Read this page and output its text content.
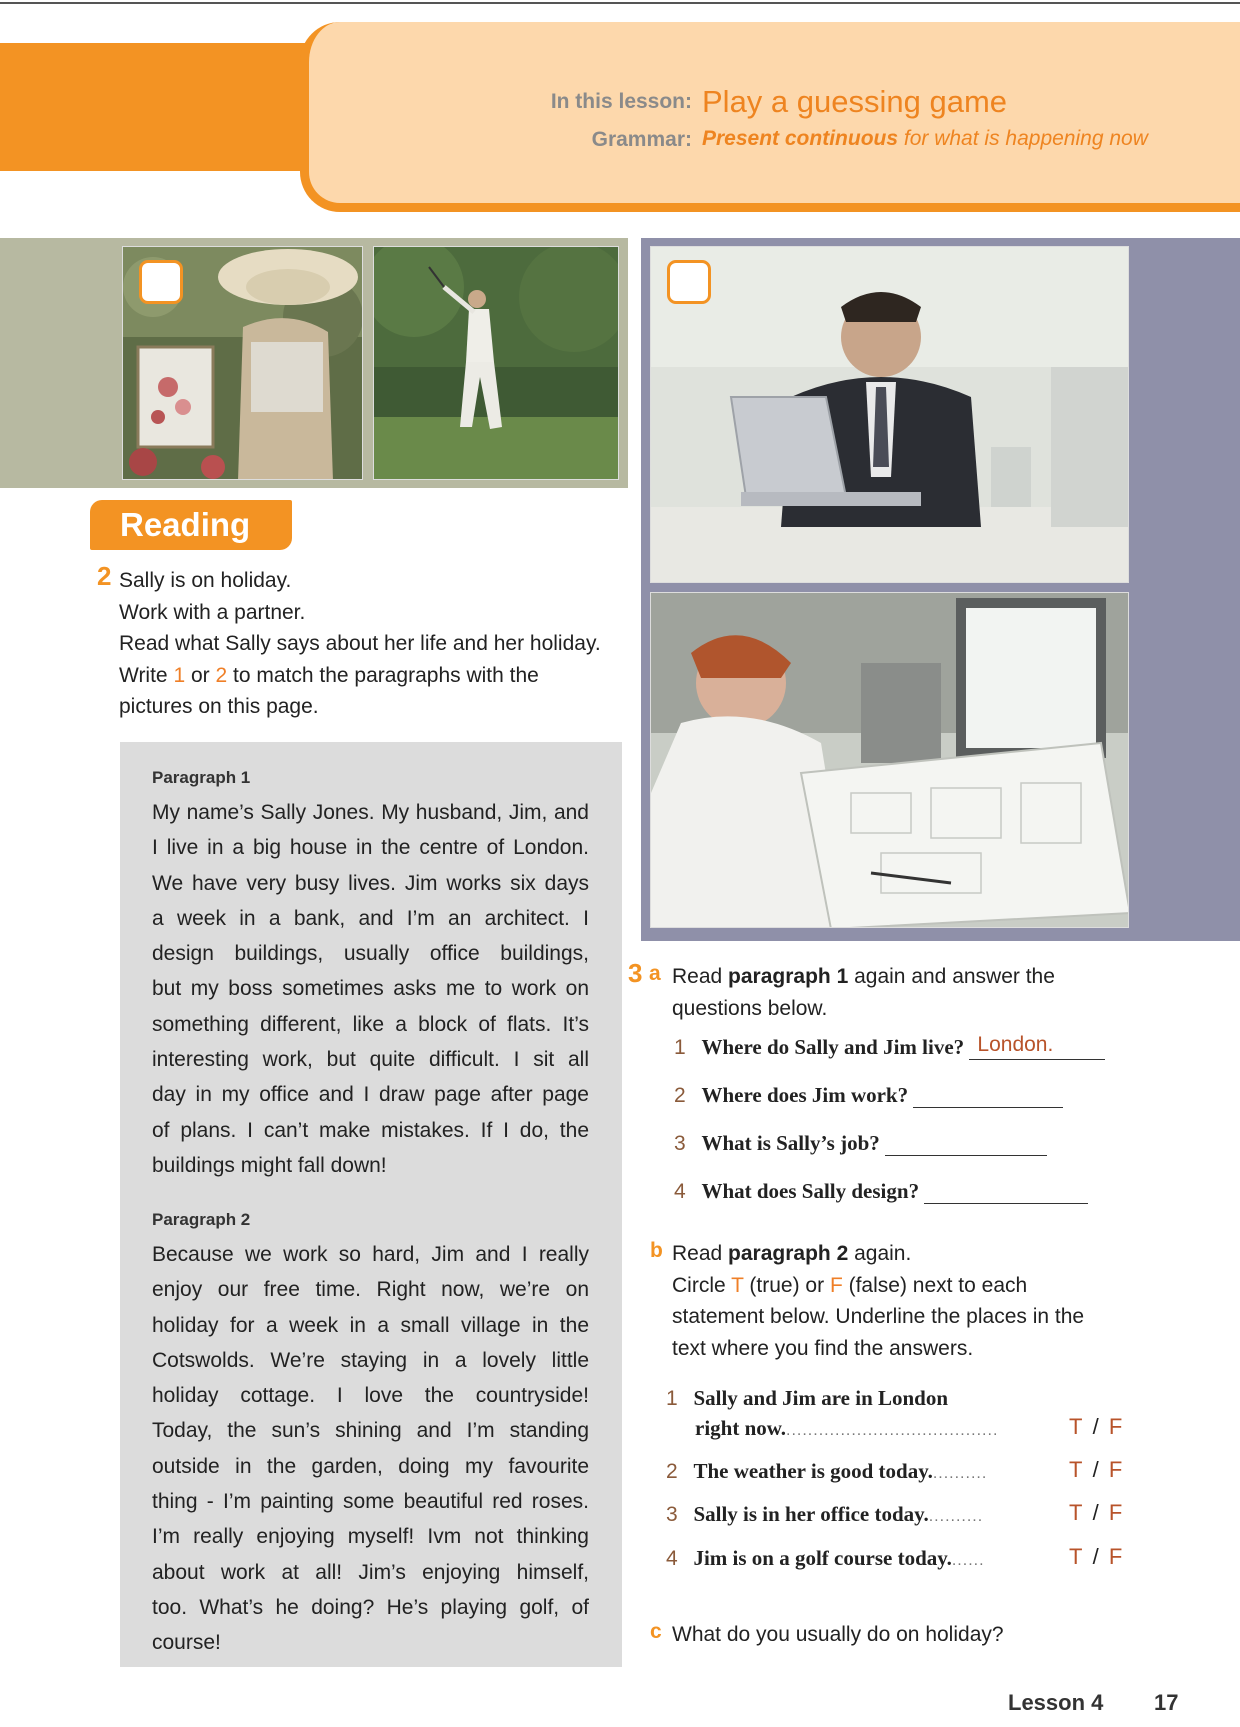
In this lesson: Play a guessing game
Grammar: Present continuous for what is happening now
Reading
2 Sally is on holiday.
Work with a partner.
Read what Sally says about her life and her holiday.
Write 1 or 2 to match the paragraphs with the
pictures on this page.
Paragraph 1
My name’s Sally Jones. My husband, Jim, and
I live in a big house in the centre of London.
We have very busy lives. Jim works six days
a week in a bank, and I’m an architect. I
design buildings, usually office buildings,
but my boss sometimes asks me to work on
something different, like a block of flats. It’s
interesting work, but quite difficult. I sit all
day in my office and I draw page after page
of plans. I can’t make mistakes. If I do, the
buildings might fall down!
Paragraph 2
Because we work so hard, Jim and I really
enjoy our free time. Right now, we’re on
holiday for a week in a small village in the
Cotswolds. We’re staying in a lovely little
holiday cottage. I love the countryside!
Today, the sun’s shining and I’m standing
outside in the garden, doing my favourite
thing - I’m painting some beautiful red roses.
I’m really enjoying myself! Ivm not thinking
about work at all! Jim’s enjoying himself,
too. What’s he doing? He’s playing golf, of
course!
3 a Read paragraph 1 again and answer the
questions below.
1 Where do Sally and Jim live? London.
2 Where does Jim work?
3 What is Sally’s job?
4 What does Sally design?
b Read paragraph 2 again.
Circle T (true) or F (false) next to each
statement below. Underline the places in the
text where you find the answers.
1 Sally and Jim are in London
right now........................................	T / F
2 The weather is good today...........	T / F
3 Sally is in her office today...........	T / F
4 Jim is on a golf course today.......	T / F
c What do you usually do on holiday?
Lesson 4 17
